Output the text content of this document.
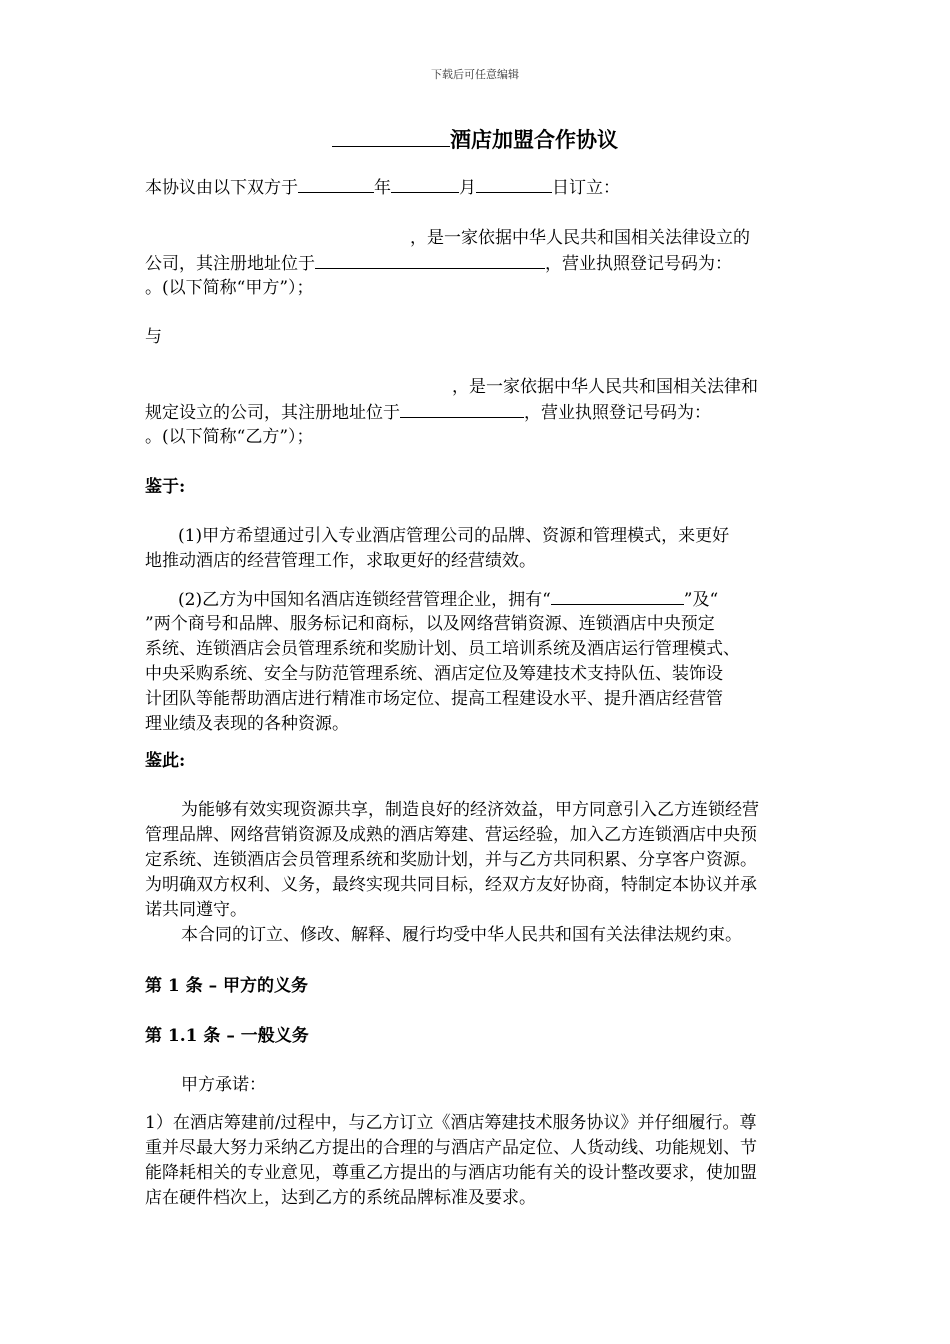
下载后可任意编辑
酒店加盟合作协议
本协议由以下双方于	年	月	日订立：
，是一家依据中华人民共和国相关法律设立的
公司，其注册地址位于	，营业执照登记号码为：
。(以下简称“甲方”）；
与
，是一家依据中华人民共和国相关法律和
规定设立的公司，其注册地址位于	，营业执照登记号码为：
。(以下简称“乙方”）；
鉴于:
(1)甲方希望通过引入专业酒店管理公司的品牌、资源和管理模式，来更好
地推动酒店的经营管理工作，求取更好的经营绩效。
(2)乙方为中国知名酒店连锁经营管理企业，拥有“	”及“
”两个商号和品牌、服务标记和商标，以及网络营销资源、连锁酒店中央预定
系统、连锁酒店会员管理系统和奖励计划、员工培训系统及酒店运行管理模式、
中央采购系统、安全与防范管理系统、酒店定位及筹建技术支持队伍、装饰设
计团队等能帮助酒店进行精准市场定位、提高工程建设水平、提升酒店经营管
理业绩及表现的各种资源。
鉴此:
为能够有效实现资源共享，制造良好的经济效益，甲方同意引入乙方连锁经营
管理品牌、网络营销资源及成熟的酒店筹建、营运经验，加入乙方连锁酒店中央预
定系统、连锁酒店会员管理系统和奖励计划，并与乙方共同积累、分享客户资源。
为明确双方权利、义务，最终实现共同目标，经双方友好协商，特制定本协议并承
诺共同遵守。
本合同的订立、修改、解释、履行均受中华人民共和国有关法律法规约束。
第 1 条 – 甲方的义务
第 1.1 条 – 一般义务
甲方承诺：
1）在酒店筹建前/过程中，与乙方订立《酒店筹建技术服务协议》并仔细履行。尊
重并尽最大努力采纳乙方提出的合理的与酒店产品定位、人货动线、功能规划、节
能降耗相关的专业意见，尊重乙方提出的与酒店功能有关的设计整改要求，使加盟
店在硬件档次上，达到乙方的系统品牌标准及要求。
